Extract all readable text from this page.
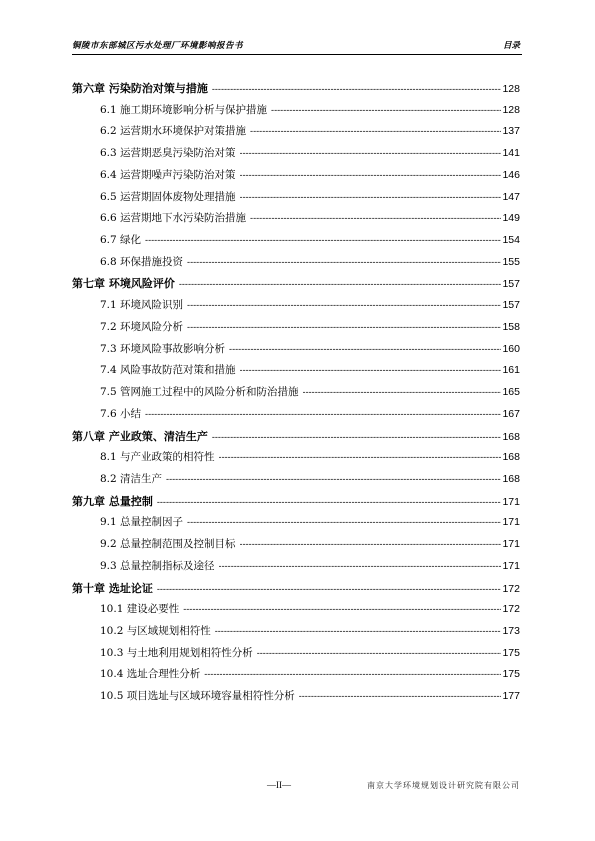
铜陵市东部城区污水处理厂环境影响报告书	目录
第六章 污染防治对策与措施 -----	128
6.1 施工期环境影响分析与保护措施 -----	128
6.2 运营期水环境保护对策措施 -----	137
6.3 运营期恶臭污染防治对策 -----	141
6.4 运营期噪声污染防治对策 -----	146
6.5 运营期固体废物处理措施 -----	147
6.6 运营期地下水污染防治措施 -----	149
6.7 绿化 -----	154
6.8 环保措施投资 -----	155
第七章 环境风险评价 -----	157
7.1 环境风险识别 -----	157
7.2 环境风险分析 -----	158
7.3 环境风险事故影响分析 -----	160
7.4 风险事故防范对策和措施 -----	161
7.5 管网施工过程中的风险分析和防治措施 -----	165
7.6 小结 -----	167
第八章 产业政策、清洁生产 -----	168
8.1 与产业政策的相符性 -----	168
8.2 清洁生产 -----	168
第九章 总量控制 -----	171
9.1 总量控制因子 -----	171
9.2 总量控制范围及控制目标 -----	171
9.3 总量控制指标及途径 -----	171
第十章 选址论证 -----	172
10.1 建设必要性 -----	172
10.2 与区域规划相符性 -----	173
10.3 与土地利用规划相符性分析 -----	175
10.4 选址合理性分析 -----	175
10.5 项目选址与区域环境容量相符性分析 -----	177
—II—	南京大学环境规划设计研究院有限公司
